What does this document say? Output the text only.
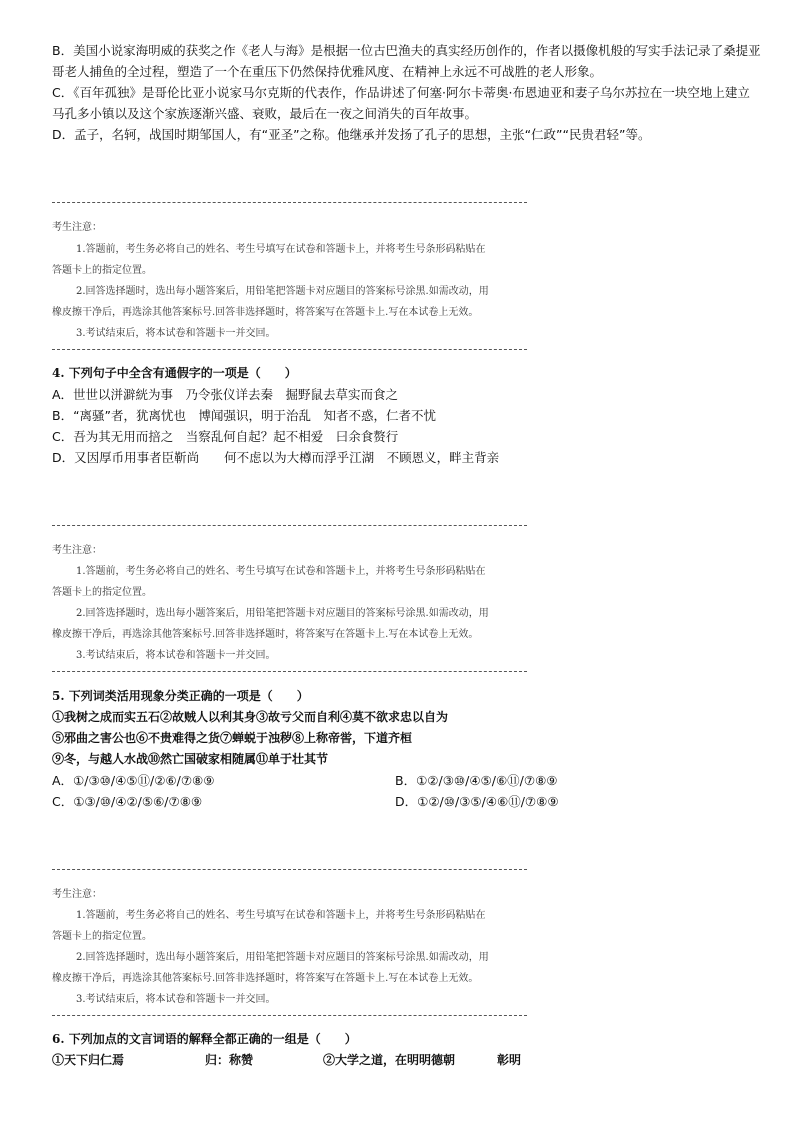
B．美国小说家海明威的获奖之作《老人与海》是根据一位古巴渔夫的真实经历创作的，作者以摄像机般的写实手法记录了桑提亚
哥老人捕鱼的全过程，塑造了一个在重压下仍然保持优雅风度、在精神上永远不可战胜的老人形象。
C．《百年孤独》是哥伦比亚小说家马尔克斯的代表作，作品讲述了何塞·阿尔卡蒂奥·布恩迪亚和妻子乌尔苏拉在一块空地上建立
马孔多小镇以及这个家族逐渐兴盛、衰败，最后在一夜之间消失的百年故事。
D．孟子，名轲，战国时期邹国人，有“亚圣”之称。他继承并发扬了孔子的思想，主张“仁政”“民贵君轻”等。
考生注意：
1.答题前，考生务必将自己的姓名、考生号填写在试卷和答题卡上，并将考生号条形码粘贴在
答题卡上的指定位置。
2.回答选择题时，选出每小题答案后，用铅笔把答题卡对应题目的答案标号涂黑.如需改动，用
橡皮擦干净后，再选涂其他答案标号.回答非选择题时，将答案写在答题卡上.写在本试卷上无效。
3.考试结束后，将本试卷和答题卡一并交回。
4. 下列句子中全含有通假字的一项是（　　）
A．世世以洴澼絖为事　乃令张仪详去秦　掘野鼠去草实而食之
B．“离骚”者，犹离忧也　博闻强识，明于治乱　知者不惑，仁者不忧
C．吾为其无用而掊之　当察乱何自起？起不相爱　曰余食赘行
D．又因厚币用事者臣靳尚　　何不虑以为大樽而浮乎江湖　不顾恩义，畔主背亲
考生注意：
1.答题前，考生务必将自己的姓名、考生号填写在试卷和答题卡上，并将考生号条形码粘贴在
答题卡上的指定位置。
2.回答选择题时，选出每小题答案后，用铅笔把答题卡对应题目的答案标号涂黑.如需改动，用
橡皮擦干净后，再选涂其他答案标号.回答非选择题时，将答案写在答题卡上.写在本试卷上无效。
3.考试结束后，将本试卷和答题卡一并交回。
5. 下列词类活用现象分类正确的一项是（　　）
①我树之成而实五石②故贼人以利其身③故亏父而自利④莫不欲求忠以自为
⑤邪曲之害公也⑥不贵难得之货⑦蝉蜕于浊秽⑧上称帝喾，下道齐桓
⑨冬，与越人水战⑩然亡国破家相随属⑪单于壮其节
A．①/③⑩/④⑤⑪/②⑥/⑦⑧⑨	B．①②/③⑩/④⑤/⑥⑪/⑦⑧⑨
C．①③/⑩/④②/⑤⑥/⑦⑧⑨	D．①②/⑩/③⑤/④⑥⑪/⑦⑧⑨
考生注意：
1.答题前，考生务必将自己的姓名、考生号填写在试卷和答题卡上，并将考生号条形码粘贴在
答题卡上的指定位置。
2.回答选择题时，选出每小题答案后，用铅笔把答题卡对应题目的答案标号涂黑.如需改动，用
橡皮擦干净后，再选涂其他答案标号.回答非选择题时，将答案写在答题卡上.写在本试卷上无效。
3.考试结束后，将本试卷和答题卡一并交回。
6. 下列加点的文言词语的解释全都正确的一组是（　　）
①天下归仁焉	归：称赞	②大学之道，在明明德朝	彰明
